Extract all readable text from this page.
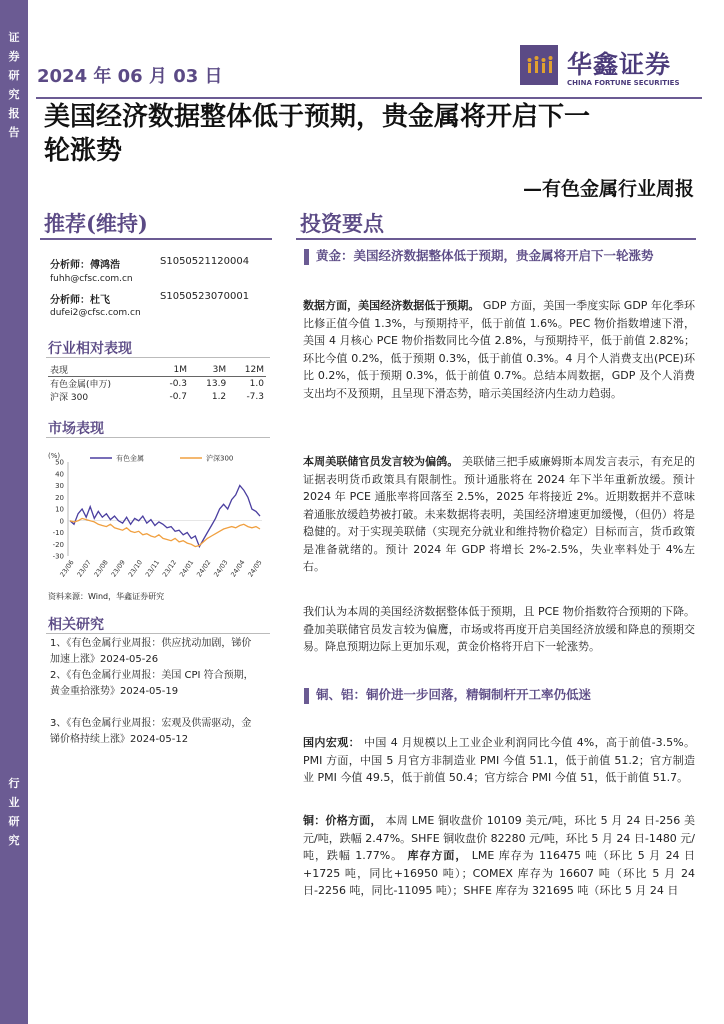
证
券
研
究
报
告
行
业
研
究
2024 年 06 月 03 日	华鑫证券
CHINA FORTUNE SECURITIES
美国经济数据整体低于预期，贵金属将开启下一
轮涨势
—有色金属行业周报
推荐(维持)
分析师：傅鸿浩	S1050521120004
fuhh@cfsc.com.cn
分析师：杜飞	S1050523070001
dufei2@cfsc.com.cn
行业相对表现
表现	1M	3M	12M
有色金属(申万)	-0.3	13.9	1.0
沪深 300	-0.7	1.2	-7.3
市场表现
(%)
50
40
30
20
10
0
-10
-20
-30
23/06 23/07 23/08 23/09 23/10 23/11 23/12 24/01 24/02 24/03 24/04 24/05
有色金属	沪深300
资料来源：Wind，华鑫证券研究
相关研究
1、《有色金属行业周报：供应扰动加剧，锑价加速上涨》2024-05-26
2、《有色金属行业周报：美国 CPI 符合预期，黄金重拾涨势》2024-05-19
3、《有色金属行业周报：宏观及供需驱动，金锑价格持续上涨》2024-05-12
投资要点
黄金：美国经济数据整体低于预期，贵金属将开启下一轮涨势
数据方面，美国经济数据低于预期。 GDP 方面，美国一季度实际 GDP 年化季环比修正值今值 1.3%，与预期持平，低于前值 1.6%。PEC 物价指数增速下滑，美国 4 月核心 PCE 物价指数同比今值 2.8%，与预期持平，低于前值 2.82%；环比今值 0.2%，低于预期 0.3%，低于前值 0.3%。4 月个人消费支出(PCE)环比 0.2%，低于预期 0.3%，低于前值 0.7%。总结本周数据，GDP 及个人消费支出均不及预期，且呈现下滑态势，暗示美国经济内生动力趋弱。
本周美联储官员发言较为偏鸽。 美联储三把手威廉姆斯本周发言表示，有充足的证据表明货币政策具有限制性。预计通胀将在 2024 年下半年重新放缓。预计 2024 年 PCE 通胀率将回落至 2.5%，2025 年将接近 2%。近期数据并不意味着通胀放缓趋势被打破。未来数据将表明，美国经济增速更加缓慢，（但仍）将是稳健的。对于实现美联储（实现充分就业和维持物价稳定）目标而言，货币政策是准备就绪的。预计 2024 年 GDP 将增长 2%-2.5%，失业率料处于 4%左右。
我们认为本周的美国经济数据整体低于预期，且 PCE 物价指数符合预期的下降。叠加美联储官员发言较为偏鹰，市场或将再度开启美国经济放缓和降息的预期交易。降息预期边际上更加乐观，黄金价格将开启下一轮涨势。
铜、铝：铜价进一步回落，精铜制杆开工率仍低迷
国内宏观： 中国 4 月规模以上工业企业利润同比今值 4%，高于前值-3.5%。PMI 方面，中国 5 月官方非制造业 PMI 今值 51.1，低于前值 51.2；官方制造业 PMI 今值 49.5，低于前值 50.4；官方综合 PMI 今值 51，低于前值 51.7。
铜：价格方面， 本周 LME 铜收盘价 10109 美元/吨，环比 5 月 24 日-256 美元/吨，跌幅 2.47%。SHFE 铜收盘价 82280 元/吨，环比 5 月 24 日-1480 元/吨，跌幅 1.77%。 库存方面， LME 库存为 116475 吨（环比 5 月 24 日+1725 吨，同比+16950 吨）；COMEX 库存为 16607 吨（环比 5 月 24 日-2256 吨，同比-11095 吨）；SHFE 库存为 321695 吨（环比 5 月 24 日
